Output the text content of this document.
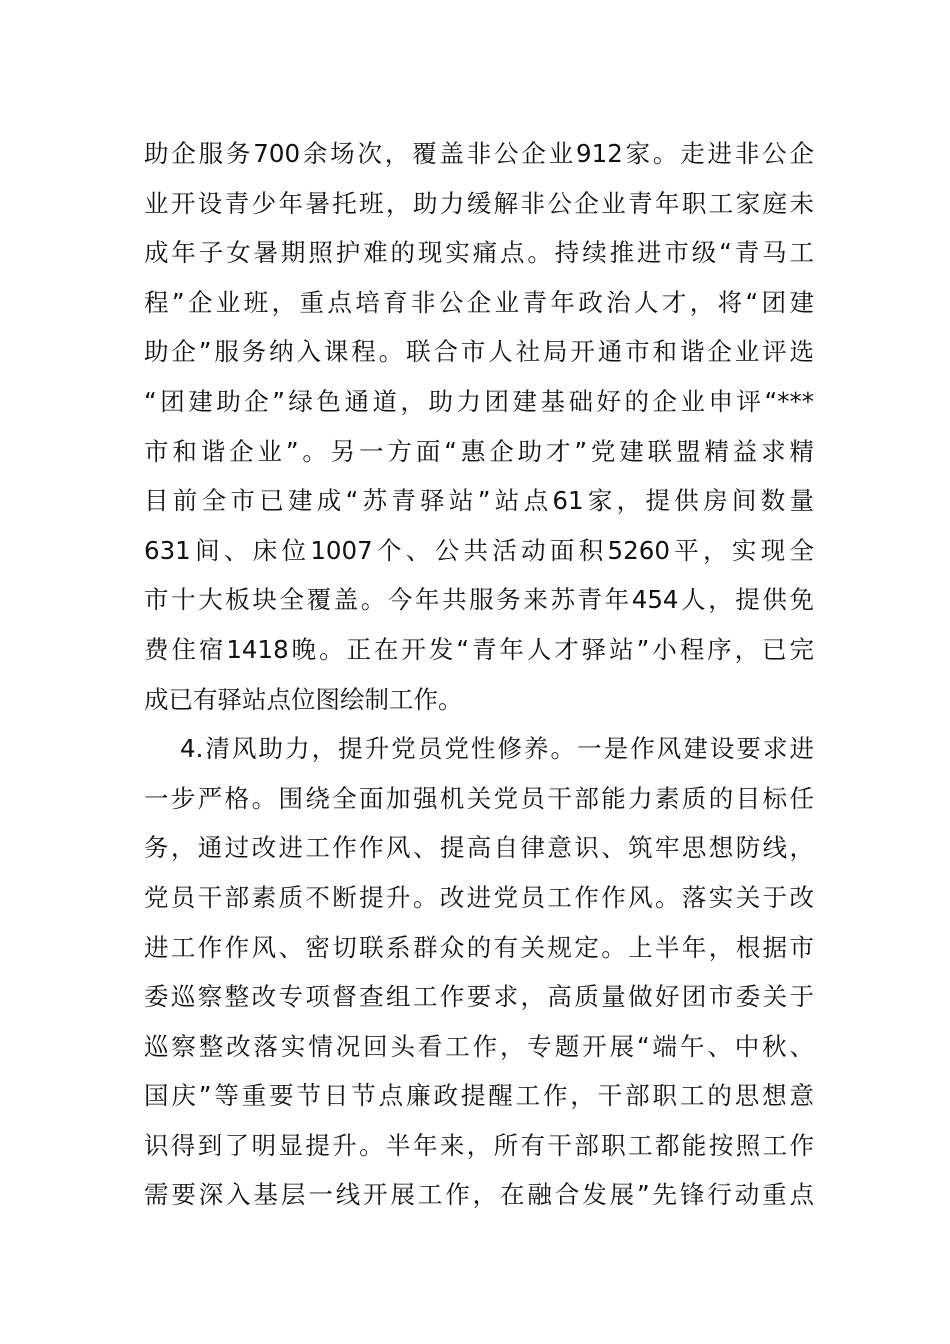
助企服务700余场次，覆盖非公企业912家。走进非公企
业开设青少年暑托班，助力缓解非公企业青年职工家庭未
成年子女暑期照护难的现实痛点。持续推进市级“青马工
程”企业班，重点培育非公企业青年政治人才，将“团建
助企”服务纳入课程。联合市人社局开通市和谐企业评选
“团建助企”绿色通道，助力团建基础好的企业申评“***
市和谐企业”。另一方面“惠企助才”党建联盟精益求精
目前全市已建成“苏青驿站”站点61家，提供房间数量
631间、床位1007个、公共活动面积5260平，实现全
市十大板块全覆盖。今年共服务来苏青年454人，提供免
费住宿1418晚。正在开发“青年人才驿站”小程序，已完
成已有驿站点位图绘制工作。
4.清风助力，提升党员党性修养。一是作风建设要求进
一步严格。围绕全面加强机关党员干部能力素质的目标任
务，通过改进工作作风、提高自律意识、筑牢思想防线，
党员干部素质不断提升。改进党员工作作风。落实关于改
进工作作风、密切联系群众的有关规定。上半年，根据市
委巡察整改专项督查组工作要求，高质量做好团市委关于
巡察整改落实情况回头看工作，专题开展“端午、中秋、
国庆”等重要节日节点廉政提醒工作，干部职工的思想意
识得到了明显提升。半年来，所有干部职工都能按照工作
需要深入基层一线开展工作，在融合发展”先锋行动重点
